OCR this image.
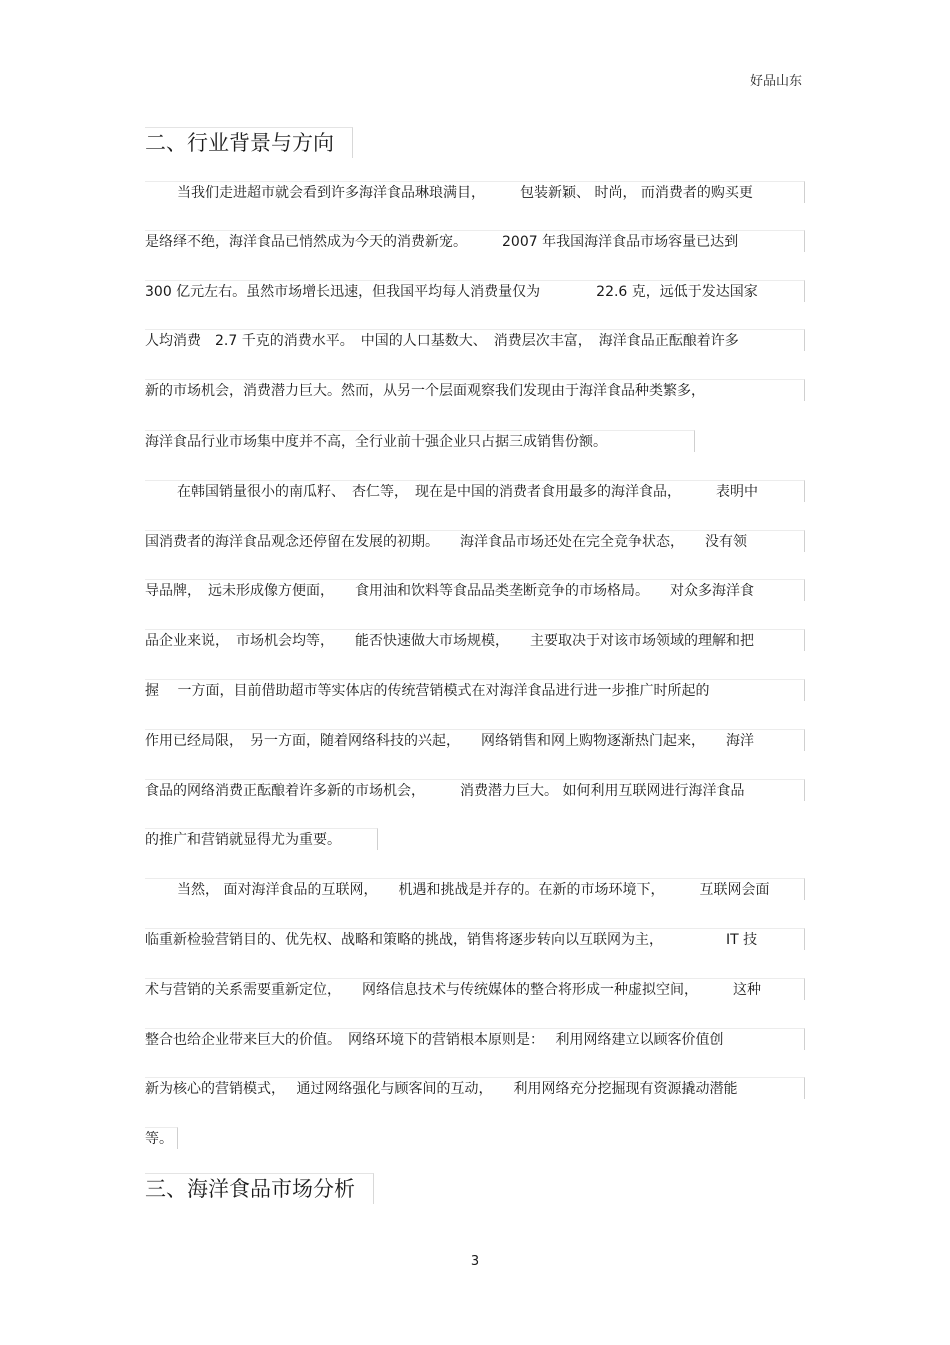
好品山东
二、行业背景与方向
当我们走进超市就会看到许多海洋食品琳琅满目，　　　包装新颖、 时尚， 而消费者的购买更
是络绎不绝，海洋食品已悄然成为今天的消费新宠。　　　2007 年我国海洋食品市场容量已达到
300 亿元左右。虽然市场增长迅速，但我国平均每人消费量仅为　　　　22.6 克，远低于发达国家
人均消费　2.7 千克的消费水平。　中国的人口基数大、　消费层次丰富，　海洋食品正酝酿着许多
新的市场机会，消费潜力巨大。然而，从另一个层面观察我们发现由于海洋食品种类繁多，
海洋食品行业市场集中度并不高，全行业前十强企业只占据三成销售份额。
在韩国销量很小的南瓜籽、　杏仁等，　现在是中国的消费者食用最多的海洋食品，　　　表明中
国消费者的海洋食品观念还停留在发展的初期。　　海洋食品市场还处在完全竞争状态，　　没有领
导品牌，　远未形成像方便面，　　食用油和饮料等食品品类垄断竞争的市场格局。　　对众多海洋食
品企业来说，　市场机会均等，　　能否快速做大市场规模，　　主要取决于对该市场领域的理解和把
握　 一方面，目前借助超市等实体店的传统营销模式在对海洋食品进行进一步推广时所起的
作用已经局限，　另一方面，随着网络科技的兴起，　　网络销售和网上购物逐渐热门起来，　　海洋
食品的网络消费正酝酿着许多新的市场机会，　　　消费潜力巨大。 如何利用互联网进行海洋食品
的推广和营销就显得尤为重要。
当然， 面对海洋食品的互联网，　　机遇和挑战是并存的。在新的市场环境下，　　　互联网会面
临重新检验营销目的、优先权、战略和策略的挑战，销售将逐步转向以互联网为主，　　　　　IT 技
术与营销的关系需要重新定位，　　网络信息技术与传统媒体的整合将形成一种虚拟空间，　　　这种
整合也给企业带来巨大的价值。　网络环境下的营销根本原则是：　 利用网络建立以顾客价值创
新为核心的营销模式，　 通过网络强化与顾客间的互动，　　利用网络充分挖掘现有资源撬动潜能
等。
三、海洋食品市场分析
3
